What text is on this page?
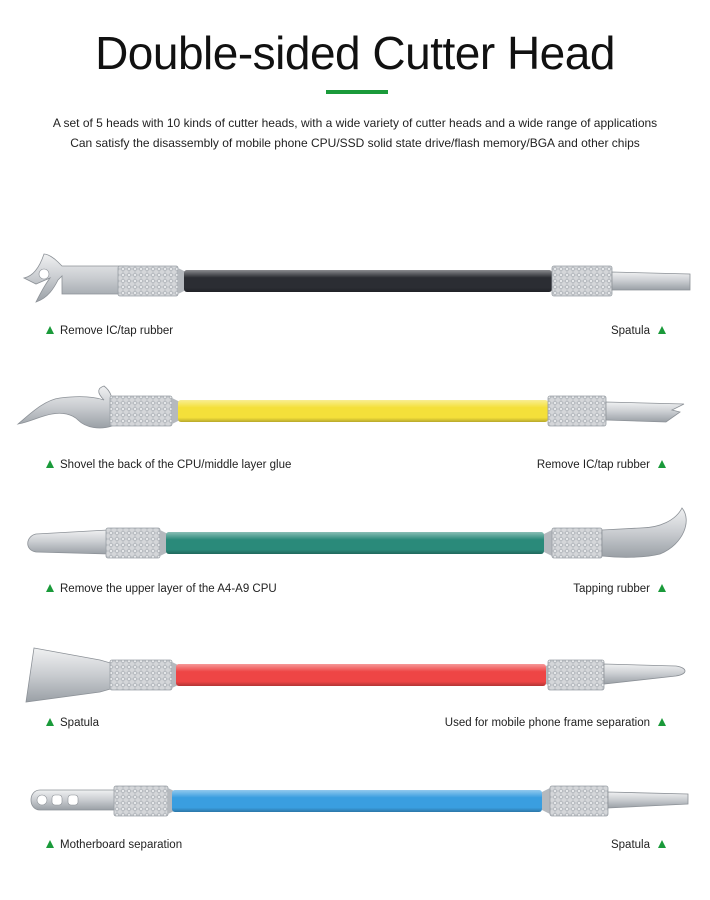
Double-sided Cutter Head
A set of 5 heads with 10 kinds of cutter heads, with a wide variety of cutter heads and a wide range of applications
Can satisfy the disassembly of mobile phone CPU/SSD solid state drive/flash memory/BGA and other chips
Remove IC/tap rubber	Spatula
Shovel the back of the CPU/middle layer glue	Remove IC/tap rubber
Remove the upper layer of the A4-A9 CPU	Tapping rubber
Spatula	Used for mobile phone frame separation
Motherboard separation	Spatula
